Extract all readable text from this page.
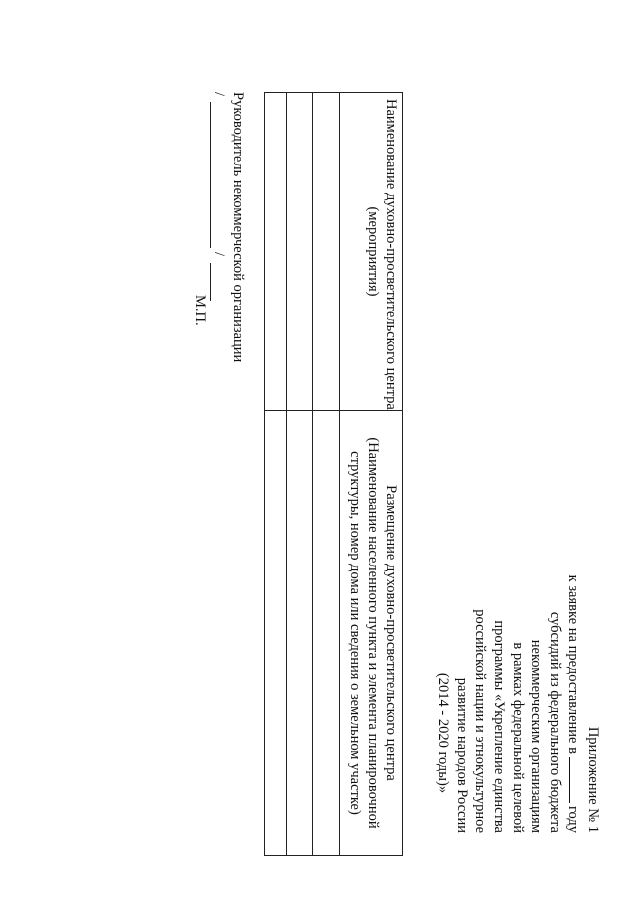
Приложение № 1
к заявке на предоставление вгоду
субсидий из федерального бюджета
некоммерческим организациям
в рамках федеральной целевой
программы «Укрепление единства
российской нации и этнокультурное
развитие народов России
(2014 - 2020 годы)»
Наименование духовно-просветительского центра
(мероприятия)	Размещение духовно-просветительского центра
(Наименование населенного пункта и элемента планировочной
структуры, номер дома или сведения о земельном участке)

Руководитель некоммерческой организации
/
/
М.П.
